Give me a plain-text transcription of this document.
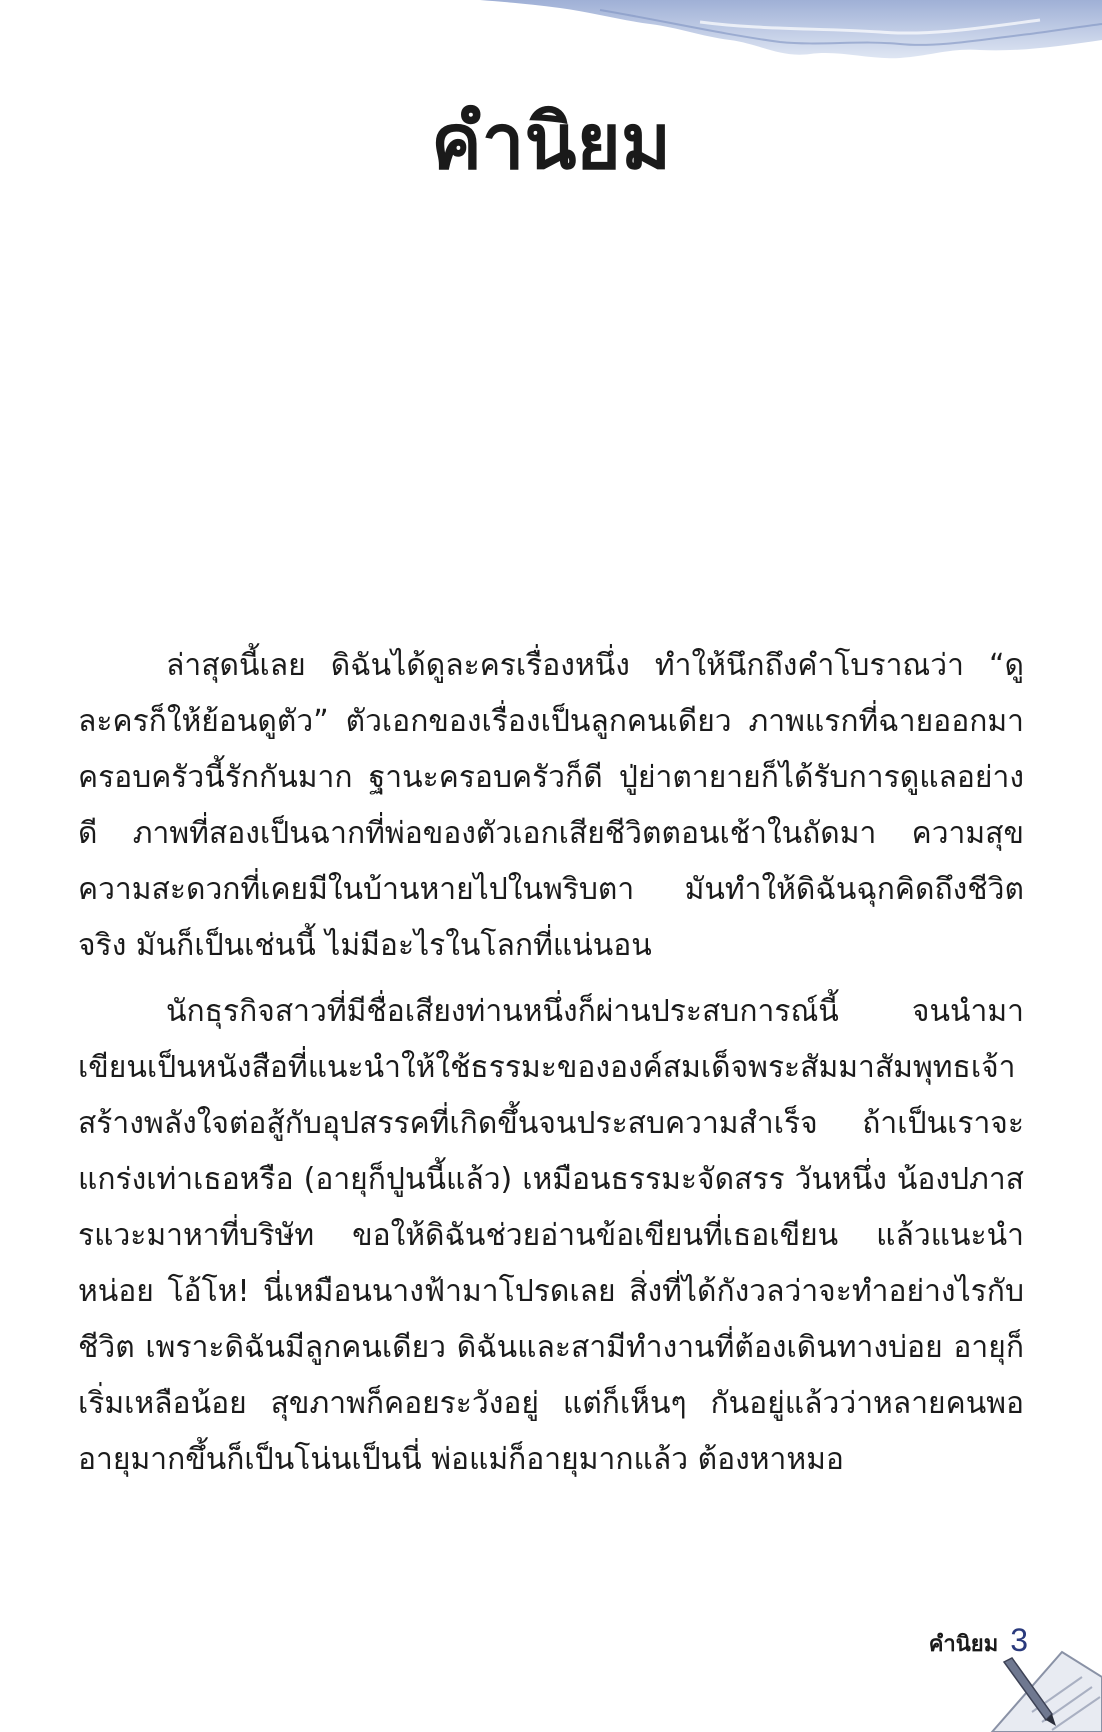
คำนิยม

ล่าสุดนี้เลย ดิฉันได้ดูละครเรื่องหนึ่ง ทำให้นึกถึงคำโบราณว่า “ดูละครก็ให้ย้อนดูตัว” ตัวเอกของเรื่องเป็นลูกคนเดียว ภาพแรกที่ฉายออกมาครอบครัวนี้รักกันมาก ฐานะครอบครัวก็ดี ปู่ย่าตายายก็ได้รับการดูแลอย่างดี ภาพที่สองเป็นฉากที่พ่อของตัวเอกเสียชีวิตตอนเช้าในถัดมา ความสุขความสะดวกที่เคยมีในบ้านหายไปในพริบตา มันทำให้ดิฉันฉุกคิดถึงชีวิตจริง มันก็เป็นเช่นนี้ ไม่มีอะไรในโลกที่แน่นอน

นักธุรกิจสาวที่มีชื่อเสียงท่านหนึ่งก็ผ่านประสบการณ์นี้ จนนำมาเขียนเป็นหนังสือที่แนะนำให้ใช้ธรรมะขององค์สมเด็จพระสัมมาสัมพุทธเจ้าสร้างพลังใจต่อสู้กับอุปสรรคที่เกิดขึ้นจนประสบความสำเร็จ ถ้าเป็นเราจะแกร่งเท่าเธอหรือ (อายุก็ปูนนี้แล้ว) เหมือนธรรมะจัดสรร วันหนึ่ง น้องปภาสรแวะมาหาที่บริษัท ขอให้ดิฉันช่วยอ่านข้อเขียนที่เธอเขียน แล้วแนะนำหน่อย โอ้โห! นี่เหมือนนางฟ้ามาโปรดเลย สิ่งที่ได้กังวลว่าจะทำอย่างไรกับชีวิต เพราะดิฉันมีลูกคนเดียว ดิฉันและสามีทำงานที่ต้องเดินทางบ่อย อายุก็เริ่มเหลือน้อย สุขภาพก็คอยระวังอยู่ แต่ก็เห็นๆ กันอยู่แล้วว่าหลายคนพออายุมากขึ้นก็เป็นโน่นเป็นนี่ พ่อแม่ก็อายุมากแล้ว ต้องหาหมอ

คำนิยม 3
